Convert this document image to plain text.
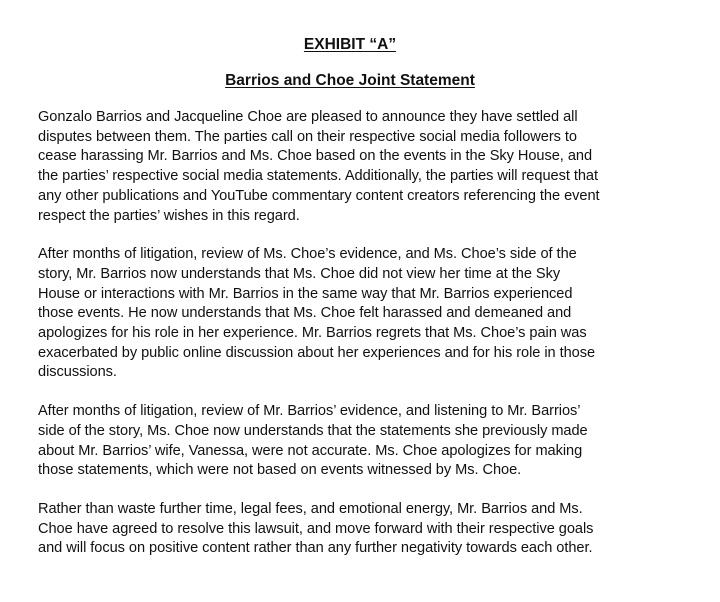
EXHIBIT “A”
Barrios and Choe Joint Statement

Gonzalo Barrios and Jacqueline Choe are pleased to announce they have settled all
disputes between them. The parties call on their respective social media followers to
cease harassing Mr. Barrios and Ms. Choe based on the events in the Sky House, and
the parties’ respective social media statements. Additionally, the parties will request that
any other publications and YouTube commentary content creators referencing the event
respect the parties’ wishes in this regard.

After months of litigation, review of Ms. Choe’s evidence, and Ms. Choe’s side of the
story, Mr. Barrios now understands that Ms. Choe did not view her time at the Sky
House or interactions with Mr. Barrios in the same way that Mr. Barrios experienced
those events. He now understands that Ms. Choe felt harassed and demeaned and
apologizes for his role in her experience. Mr. Barrios regrets that Ms. Choe’s pain was
exacerbated by public online discussion about her experiences and for his role in those
discussions.

After months of litigation, review of Mr. Barrios’ evidence, and listening to Mr. Barrios’
side of the story, Ms. Choe now understands that the statements she previously made
about Mr. Barrios’ wife, Vanessa, were not accurate. Ms. Choe apologizes for making
those statements, which were not based on events witnessed by Ms. Choe.

Rather than waste further time, legal fees, and emotional energy, Mr. Barrios and Ms.
Choe have agreed to resolve this lawsuit, and move forward with their respective goals
and will focus on positive content rather than any further negativity towards each other.
